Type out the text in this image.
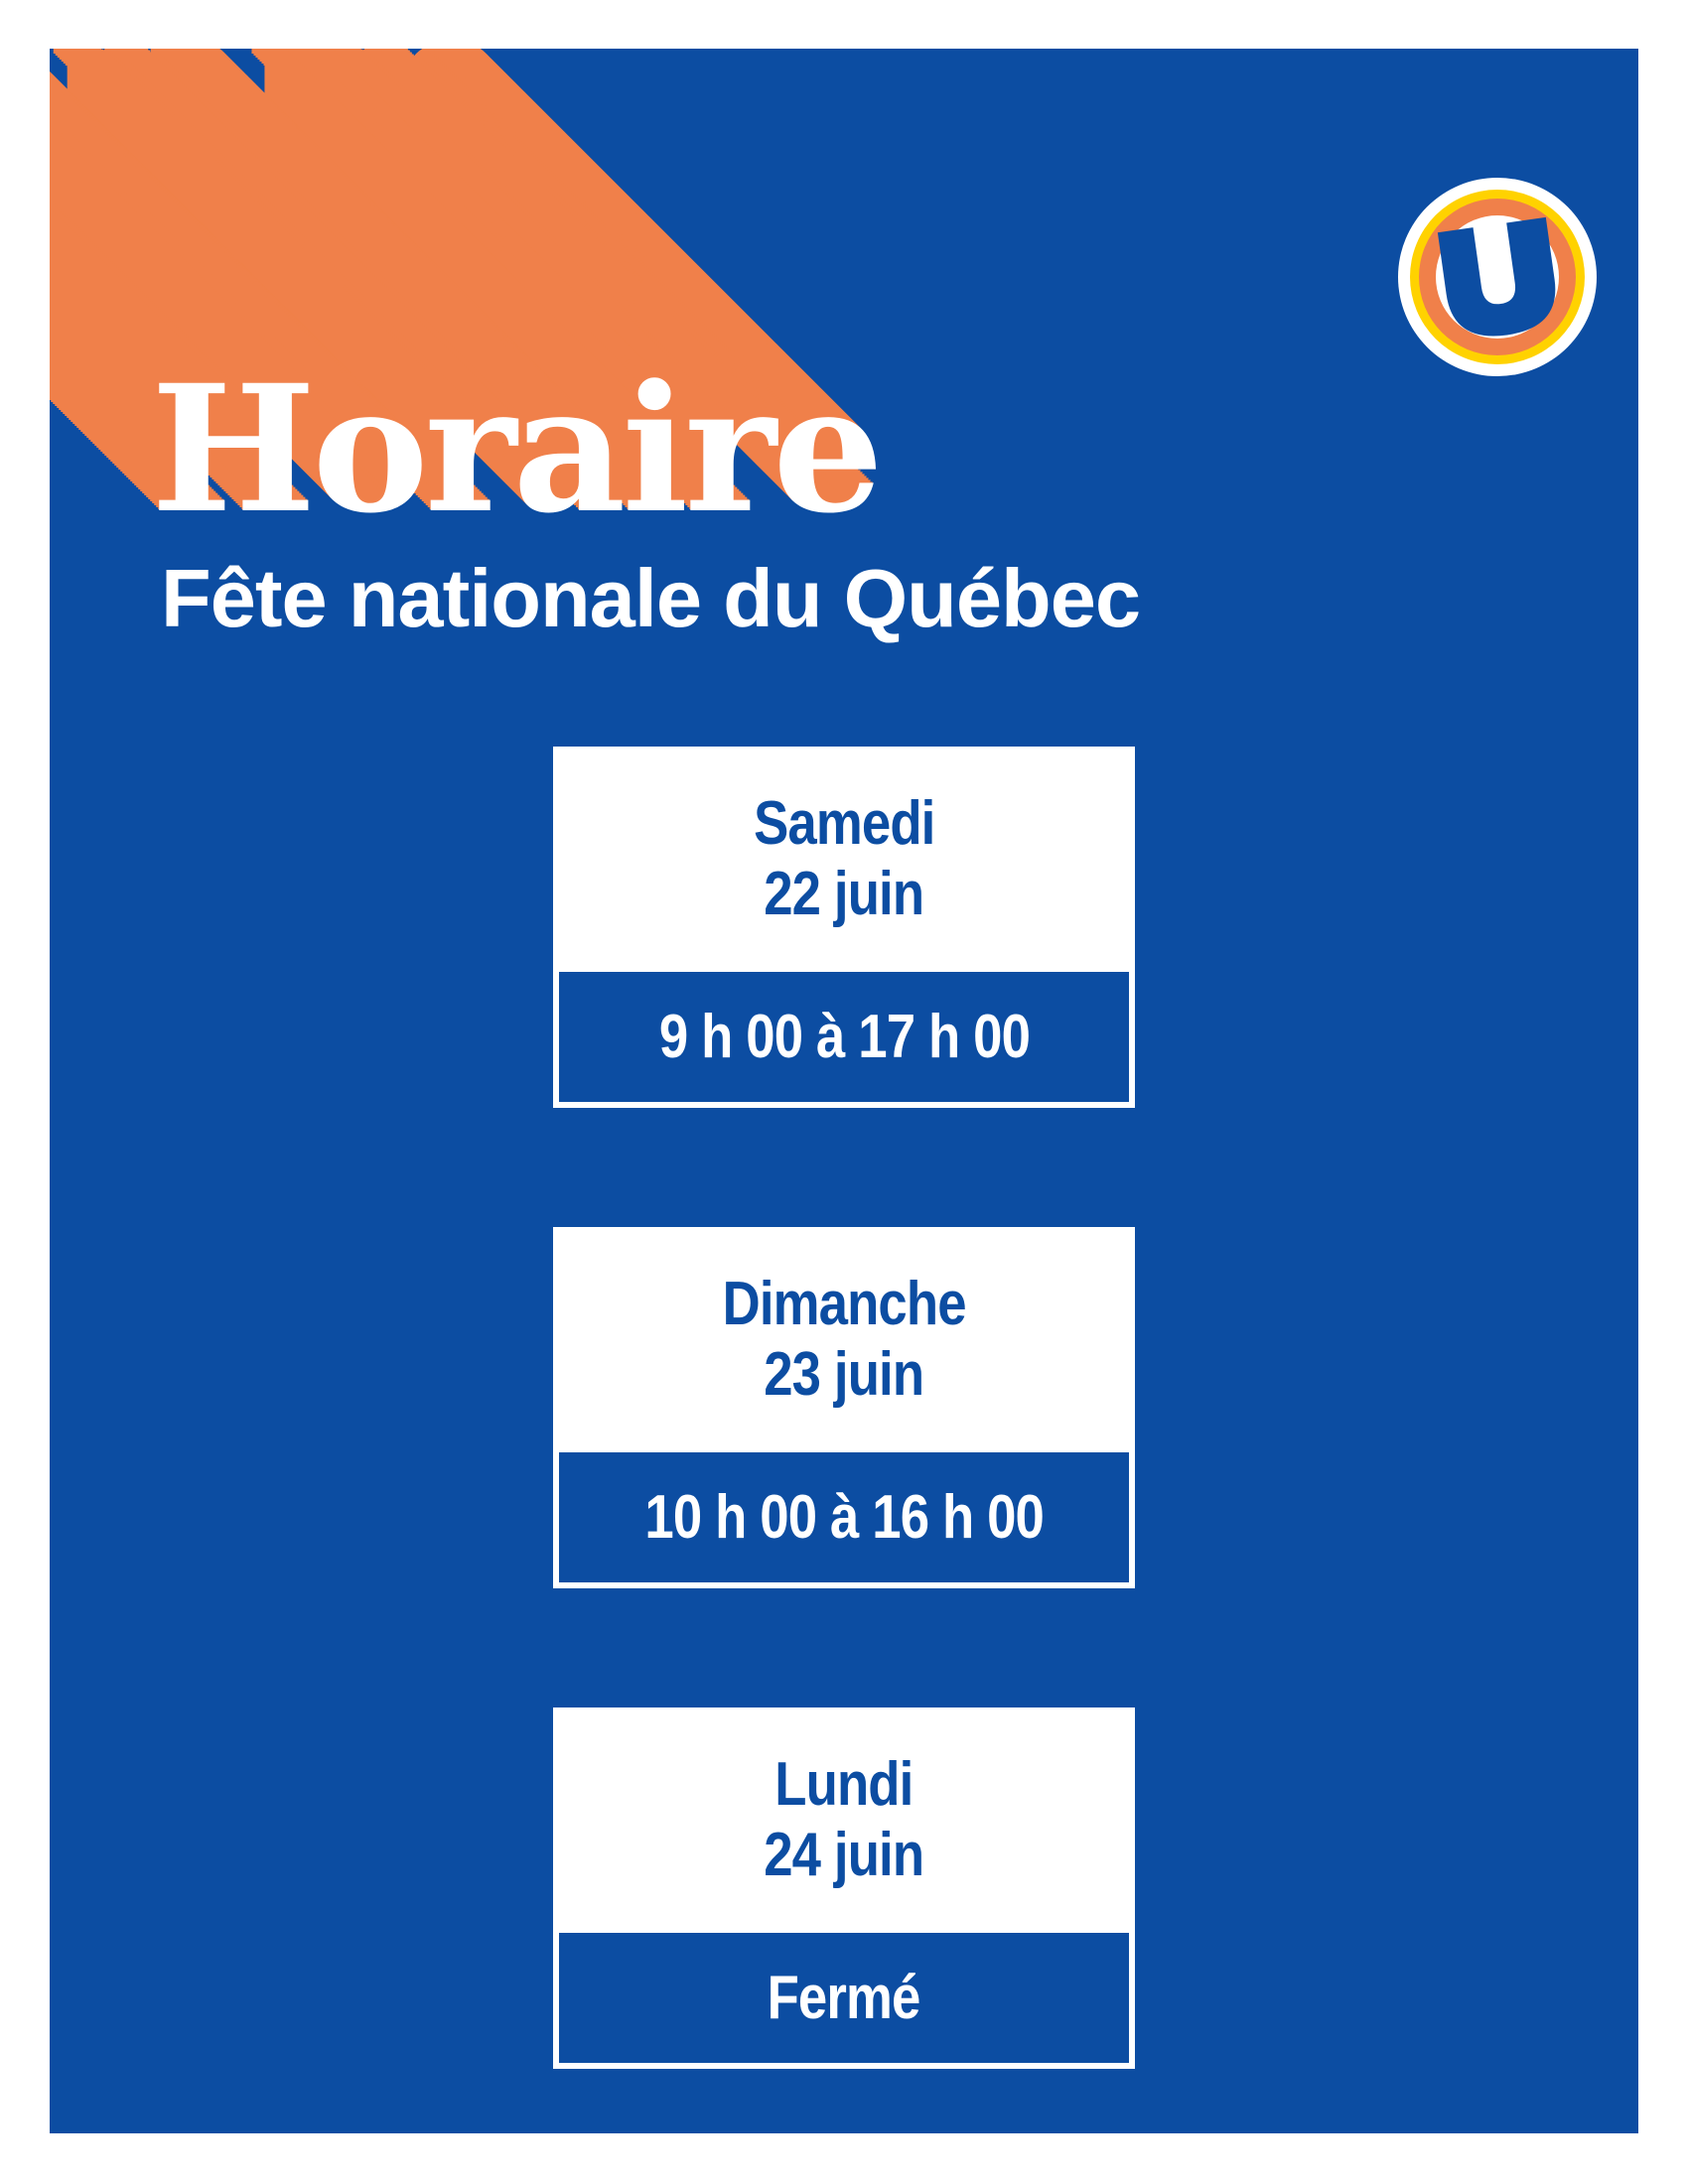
Horaire
Fête nationale du Québec
Samedi
22 juin
9 h 00 à 17 h 00
Dimanche
23 juin
10 h 00 à 16 h 00
Lundi
24 juin
Fermé
